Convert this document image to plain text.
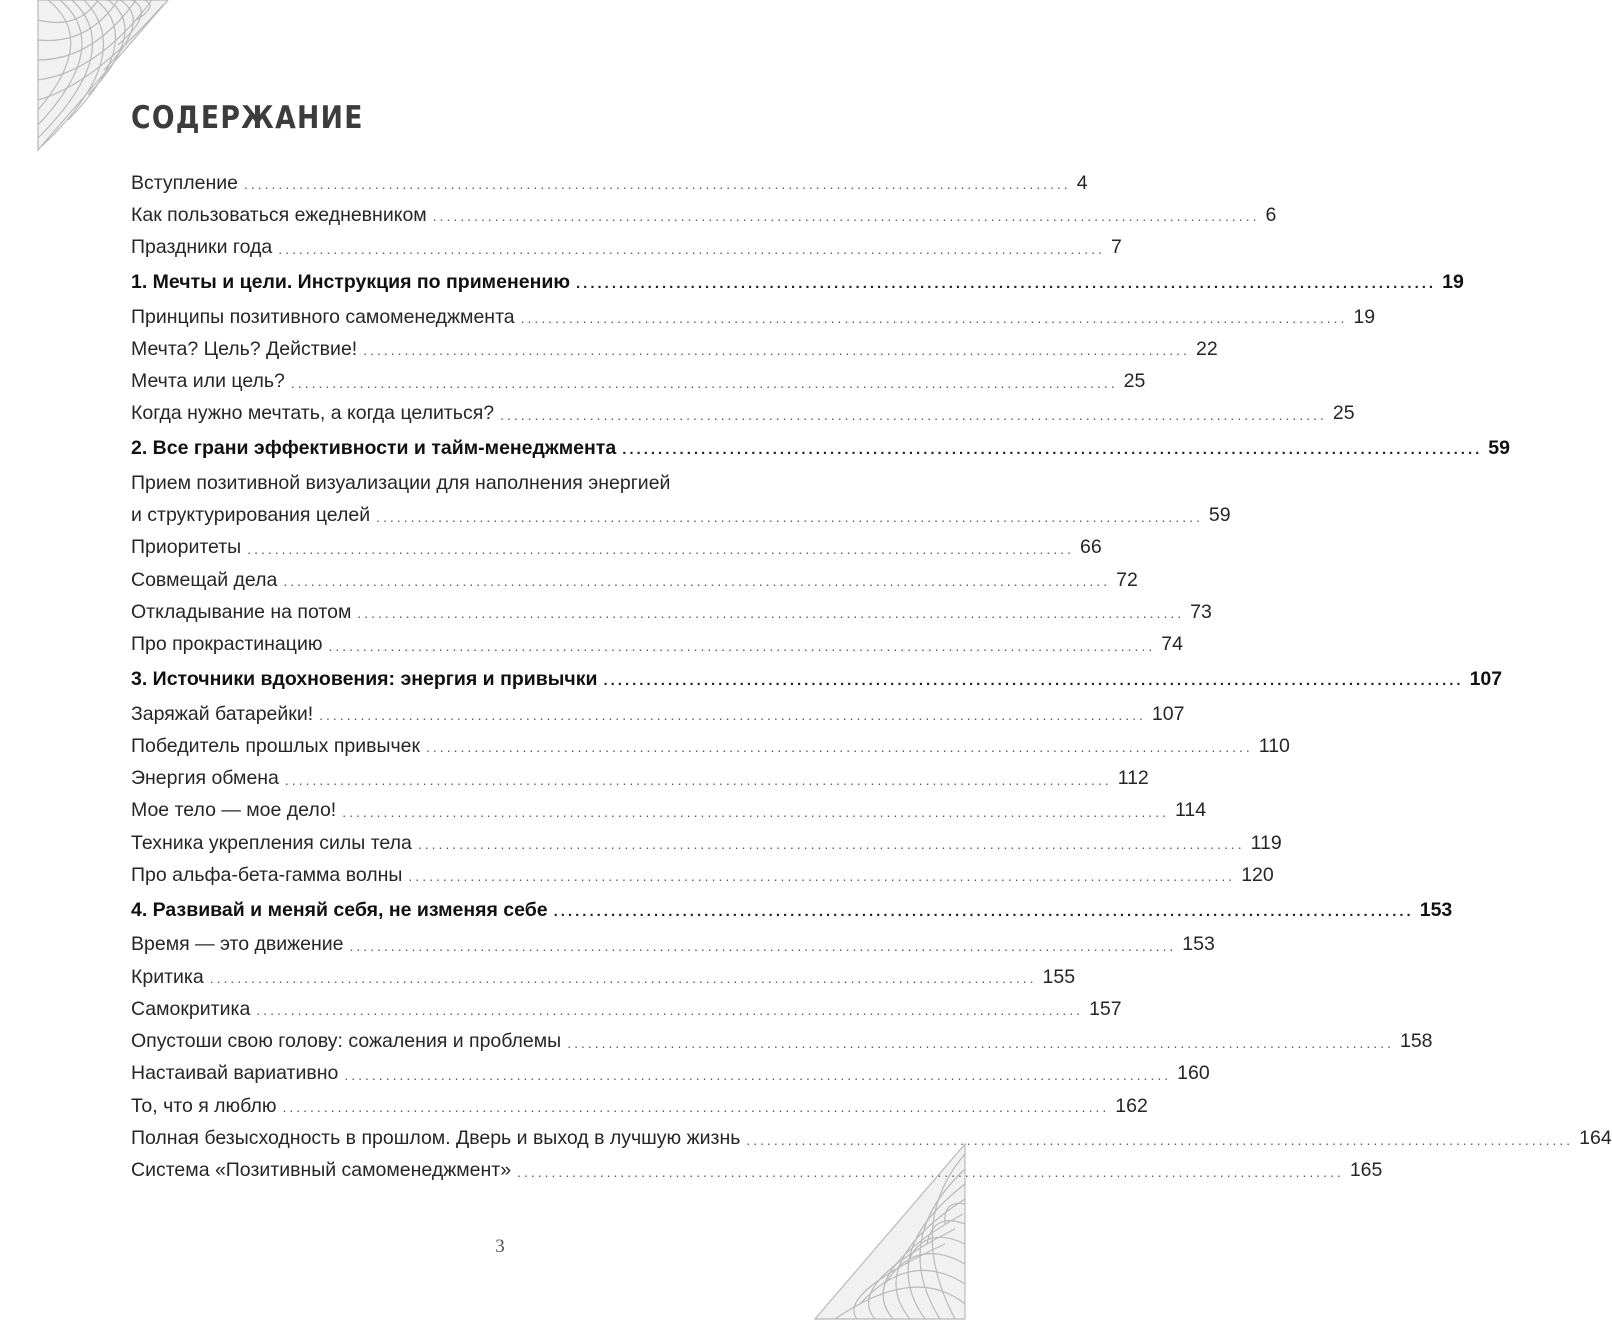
СОДЕРЖАНИЕ
Вступление ........................................................................................................................ 4
Как пользоваться ежедневником ........................................................................................................................ 6
Праздники года ........................................................................................................................ 7
1. Мечты и цели. Инструкция по применению ........................................................................................................................ 19
Принципы позитивного самоменеджмента ........................................................................................................................ 19
Мечта? Цель? Действие! ........................................................................................................................ 22
Мечта или цель? ........................................................................................................................ 25
Когда нужно мечтать, а когда целиться? ........................................................................................................................ 25
2. Все грани эффективности и тайм-менеджмента ........................................................................................................................ 59
Прием позитивной визуализации для наполнения энергией
и структурирования целей ........................................................................................................................ 59
Приоритеты ........................................................................................................................ 66
Совмещай дела ........................................................................................................................ 72
Откладывание на потом ........................................................................................................................ 73
Про прокрастинацию ........................................................................................................................ 74
3. Источники вдохновения: энергия и привычки ........................................................................................................................ 107
Заряжай батарейки! ........................................................................................................................ 107
Победитель прошлых привычек ........................................................................................................................ 110
Энергия обмена ........................................................................................................................ 112
Мое тело — мое дело! ........................................................................................................................ 114
Техника укрепления силы тела ........................................................................................................................ 119
Про альфа-бета-гамма волны ........................................................................................................................ 120
4. Развивай и меняй себя, не изменяя себе ........................................................................................................................ 153
Время — это движение ........................................................................................................................ 153
Критика ........................................................................................................................ 155
Самокритика ........................................................................................................................ 157
Опустоши свою голову: сожаления и проблемы ........................................................................................................................ 158
Настаивай вариативно ........................................................................................................................ 160
То, что я люблю ........................................................................................................................ 162
Полная безысходность в прошлом. Дверь и выход в лучшую жизнь ........................................................................................................................ 164
Система «Позитивный самоменеджмент» ........................................................................................................................ 165
3
